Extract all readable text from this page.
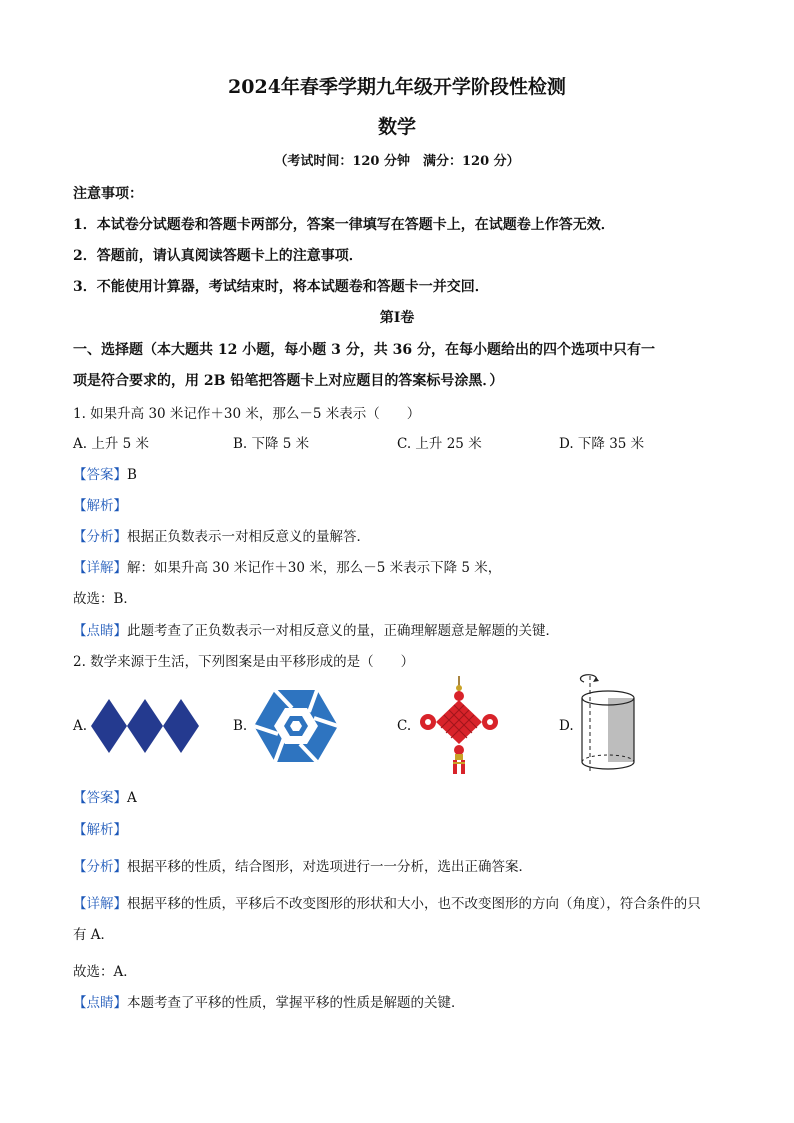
2024年春季学期九年级开学阶段性检测
数学
（考试时间：120 分钟　满分：120 分）
注意事项：
1．本试卷分试题卷和答题卡两部分，答案一律填写在答题卡上，在试题卷上作答无效．
2．答题前，请认真阅读答题卡上的注意事项．
3．不能使用计算器，考试结束时，将本试题卷和答题卡一并交回．
第Ⅰ卷
一、选择题（本大题共 12 小题，每小题 3 分，共 36 分，在每小题给出的四个选项中只有一
项是符合要求的，用 2B 铅笔把答题卡上对应题目的答案标号涂黑．）
1. 如果升高 30 米记作＋30 米，那么－5 米表示（　　）
A. 上升 5 米	B. 下降 5 米	C. 上升 25 米	D. 下降 35 米
【答案】B
【解析】
【分析】根据正负数表示一对相反意义的量解答．
【详解】解：如果升高 30 米记作＋30 米，那么－5 米表示下降 5 米，
故选：B．
【点睛】此题考查了正负数表示一对相反意义的量，正确理解题意是解题的关键．
2. 数学来源于生活，下列图案是由平移形成的是（　　）
A.	B.	C.	D.
【答案】A
【解析】
【分析】根据平移的性质，结合图形，对选项进行一一分析，选出正确答案．
【详解】根据平移的性质，平移后不改变图形的形状和大小，也不改变图形的方向（角度），符合条件的只
有 A．
故选：A．
【点睛】本题考查了平移的性质，掌握平移的性质是解题的关键．
